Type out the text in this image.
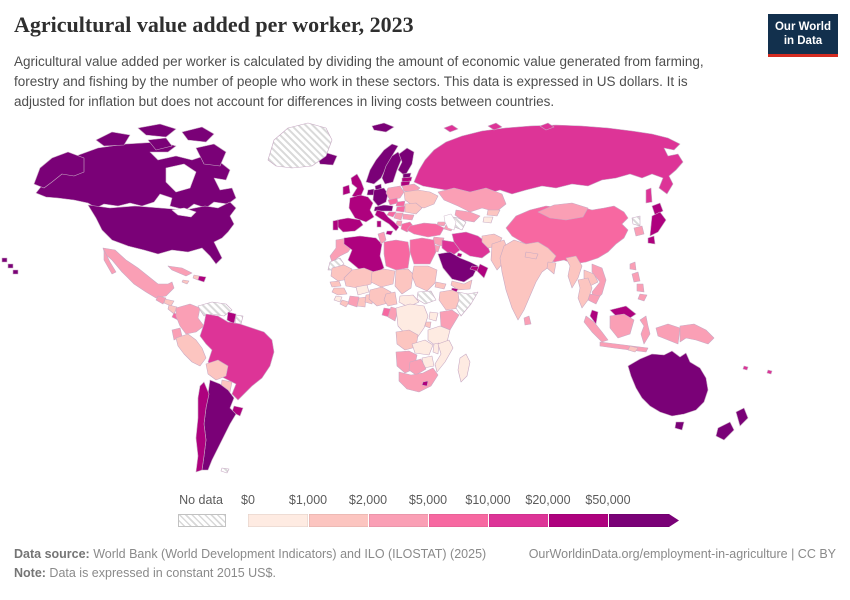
Agricultural value added per worker, 2023
Agricultural value added per worker is calculated by dividing the amount of economic value generated from farming, forestry and fishing by the number of people who work in these sectors. This data is expressed in US dollars. It is adjusted for inflation but does not account for differences in living costs between countries.
Our World
in Data
No data $0	$1,000 $2,000 $5,000 $10,000 $20,000 $50,000
Data source: World Bank (World Development Indicators) and ILO (ILOSTAT) (2025)	OurWorldinData.org/employment-in-agriculture | CC BY
Note: Data is expressed in constant 2015 US$.
